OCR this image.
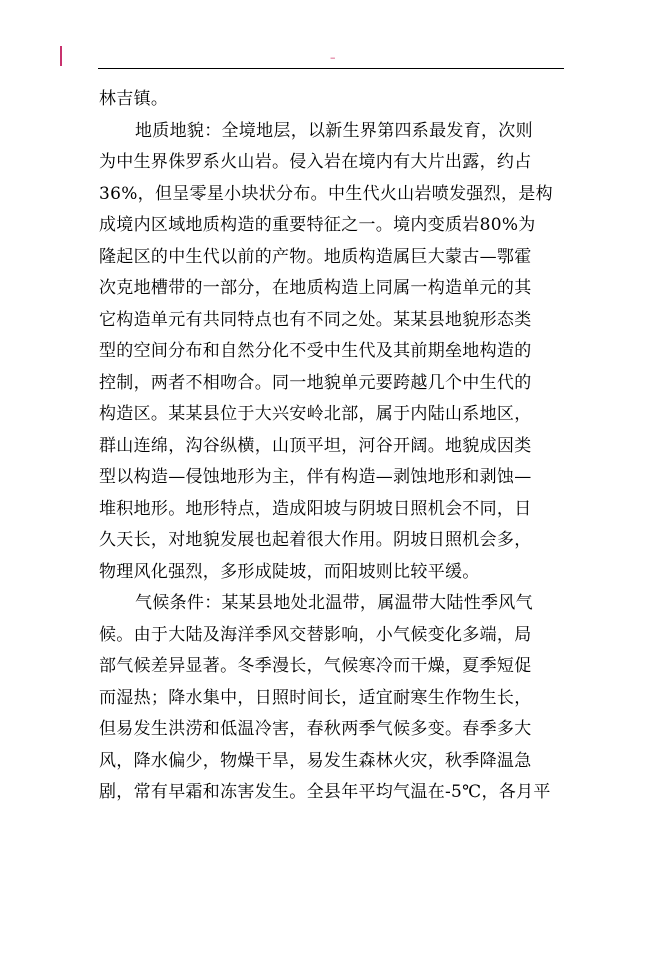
–
林吉镇。
地质地貌：全境地层，以新生界第四系最发育，次则
为中生界侏罗系火山岩。侵入岩在境内有大片出露，约占
36%，但呈零星小块状分布。中生代火山岩喷发强烈，是构
成境内区域地质构造的重要特征之一。境内变质岩80%为
隆起区的中生代以前的产物。地质构造属巨大蒙古—鄂霍
次克地槽带的一部分，在地质构造上同属一构造单元的其
它构造单元有共同特点也有不同之处。某某县地貌形态类
型的空间分布和自然分化不受中生代及其前期垒地构造的
控制，两者不相吻合。同一地貌单元要跨越几个中生代的
构造区。某某县位于大兴安岭北部，属于内陆山系地区，
群山连绵，沟谷纵横，山顶平坦，河谷开阔。地貌成因类
型以构造—侵蚀地形为主，伴有构造—剥蚀地形和剥蚀—
堆积地形。地形特点，造成阳坡与阴坡日照机会不同，日
久天长，对地貌发展也起着很大作用。阴坡日照机会多，
物理风化强烈，多形成陡坡，而阳坡则比较平缓。
气候条件：某某县地处北温带，属温带大陆性季风气
候。由于大陆及海洋季风交替影响，小气候变化多端，局
部气候差异显著。冬季漫长，气候寒冷而干燥，夏季短促
而湿热；降水集中，日照时间长，适宜耐寒生作物生长，
但易发生洪涝和低温冷害，春秋两季气候多变。春季多大
风，降水偏少，物燥干旱，易发生森林火灾，秋季降温急
剧，常有早霜和冻害发生。全县年平均气温在-5℃，各月平
